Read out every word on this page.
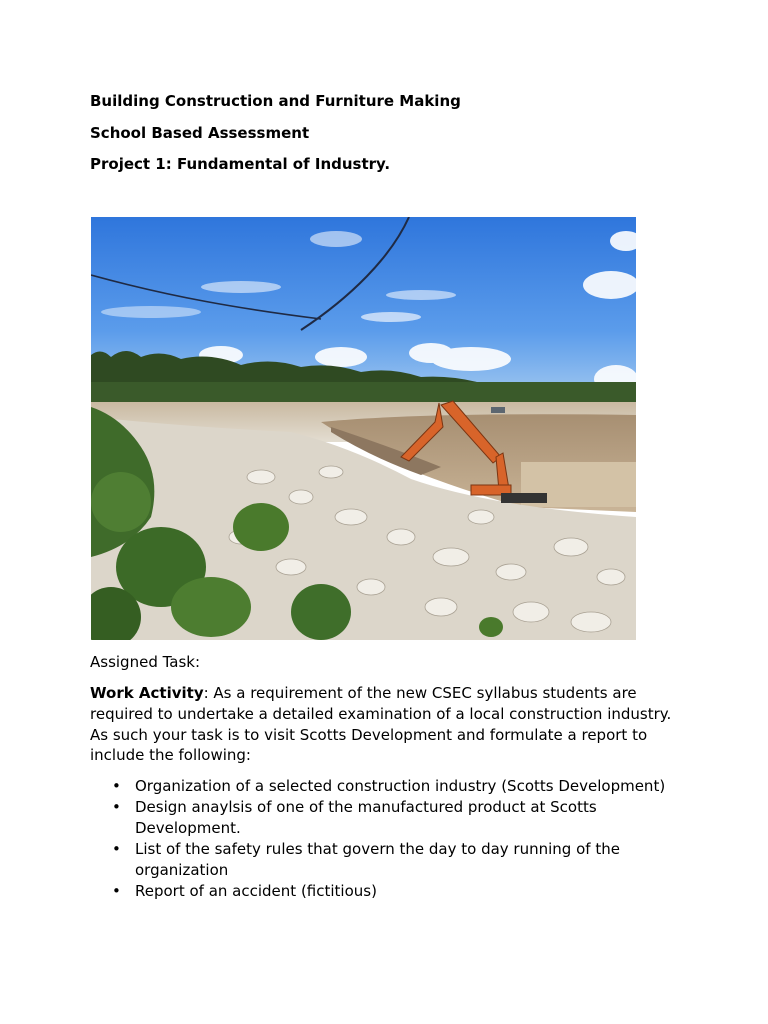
Building Construction and Furniture Making
School Based Assessment
Project 1: Fundamental of Industry.
Assigned Task:
Work Activity: As a requirement of the new CSEC syllabus students are required to undertake a detailed examination of a local construction industry. As such your task is to visit Scotts Development and formulate a report to include the following:
• Organization of a selected construction industry (Scotts Development)
• Design anaylsis of one of the manufactured product at Scotts Development.
• List of the safety rules that govern the day to day running of the organization
• Report of an accident (fictitious)
